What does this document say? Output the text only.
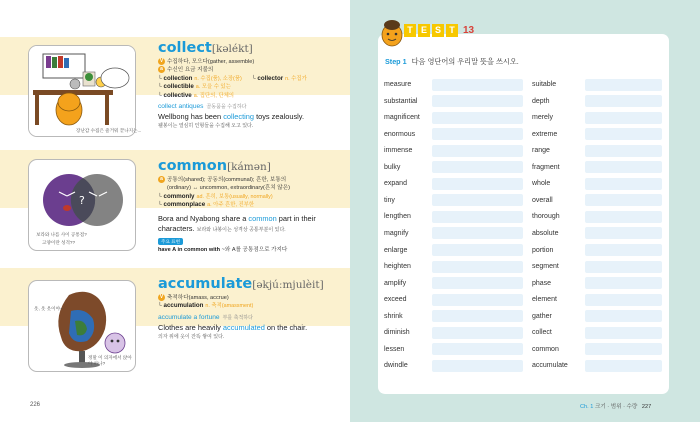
장난감 수집은 즐거워 끝나지는...
?
보라와 나를 사이 공통점?
고양이란 성격??
옷, 옷 옷이야~
정말 이 의자에서 앉아야 하나?
collect[kəlékt]
V 수집하다, 모으다(gather, assemble)
a 수신인 요금 지불의
└ collection n. 수집(품), 소장(품) └ collector n. 수집가
└ collectible a. 모을 수 있는
└ collective a. 집단의, 단체의
collect antiques 골동품을 수집하다
Wellbong has been collecting toys zealously.
웰봉이는 열심히 인형들을 수집해 오고 있다.
common[kámən]
a 공통의(shared); 공동의(communal); 흔한, 보통의
(ordinary) ↔ uncommon, extraordinary(흔치 않은)
└ commonly ad. 흔히, 보통(usually, normally)
└ commonplace a. 아주 흔한, 진부한
Bora and Nyabong share a common part in their characters. 보라와 냐봉이는 성격상 공통부분이 있다.
주요 표현
have A in common with ~와 A를 공통점으로 가지다
accumulate[əkjúːmjulèit]
V 축적하다(amass, accrue)
└ accumulation n. 축적(amassment)
accumulate a fortune 부를 축적하다
Clothes are heavily accumulated on the chair.
의자 위에 옷이 잔뜩 쌓여 있다.
226
T E S T 13
Step 1 다음 영단어의 우리말 뜻을 쓰시오.
measure
substantial
magnificent
enormous
immense
bulky
expand
tiny
lengthen
magnify
enlarge
heighten
amplify
exceed
shrink
diminish
lessen
dwindle
suitable
depth
merely
extreme
range
fragment
whole
overall
thorough
absolute
portion
segment
phase
element
gather
collect
common
accumulate
Ch. 1 크기 · 범위 · 수량 227
